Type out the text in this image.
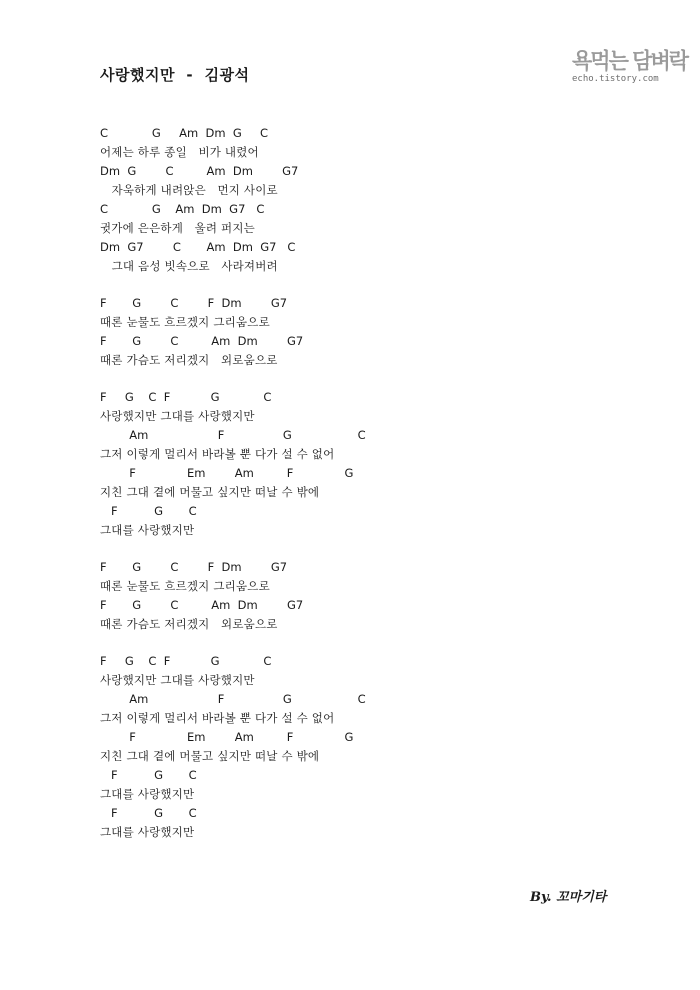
사랑했지만  -  김광석
욕먹는 담벼락
echo.tistory.com
C            G     Am  Dm  G     C
어제는 하루 종일   비가 내렸어
Dm  G        C         Am  Dm        G7
자욱하게 내려앉은   먼지 사이로
C            G    Am  Dm  G7   C
귓가에 은은하게   울려 퍼지는
Dm  G7        C       Am  Dm  G7   C
그대 음성 빗속으로   사라져버려
F       G        C        F  Dm        G7
때론 눈물도 흐르겠지 그리움으로
F       G        C         Am  Dm        G7
때론 가슴도 저리겠지   외로움으로
F     G    C  F           G            C
사랑했지만 그대를 사랑했지만
Am                   F                G                  C
그저 이렇게 멀리서 바라볼 뿐 다가 설 수 없어
F              Em        Am         F              G
지친 그대 곁에 머물고 싶지만 떠날 수 밖에
F          G       C
그대를 사랑했지만
F       G        C        F  Dm        G7
때론 눈물도 흐르겠지 그리움으로
F       G        C         Am  Dm        G7
때론 가슴도 저리겠지   외로움으로
F     G    C  F           G            C
사랑했지만 그대를 사랑했지만
Am                   F                G                  C
그저 이렇게 멀리서 바라볼 뿐 다가 설 수 없어
F              Em        Am         F              G
지친 그대 곁에 머물고 싶지만 떠날 수 밖에
F          G       C
그대를 사랑했지만
F          G       C
그대를 사랑했지만
By. 꼬마기타
